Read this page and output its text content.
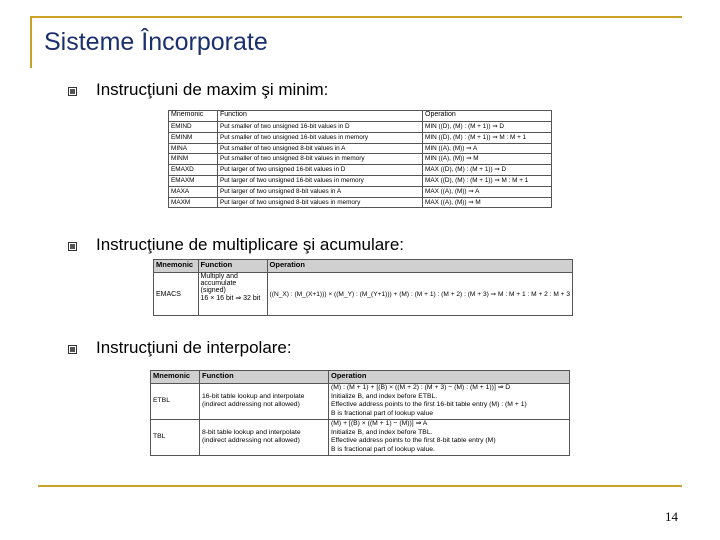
Sisteme Încorporate
Instrucţiuni de maxim şi minim:
Mnemonic	Function	Operation
EMIND	Put smaller of two unsigned 16-bit values in D	MIN ((D), (M) : (M + 1)) ⇒ D
EMINM	Put smaller of two unsigned 16-bit values in memory	MIN ((D), (M) : (M + 1)) ⇒ M : M + 1
MINA	Put smaller of two unsigned 8-bit values in A	MIN ((A), (M)) ⇒ A
MINM	Put smaller of two unsigned 8-bit values in memory	MIN ((A), (M)) ⇒ M
EMAXD	Put larger of two unsigned 16-bit values in D	MAX ((D), (M) : (M + 1)) ⇒ D
EMAXM	Put larger of two unsigned 16-bit values in memory	MAX ((D), (M) : (M + 1)) ⇒ M : M + 1
MAXA	Put larger of two unsigned 8-bit values in A	MAX ((A), (M)) ⇒ A
MAXM	Put larger of two unsigned 8-bit values in memory	MAX ((A), (M)) ⇒ M
Instrucţiune de multiplicare şi acumulare:
Mnemonic	Function	Operation
EMACS	Multiply and
accumulate
(signed)
16 × 16 bit ⇒ 32 bit	((N_X) : (M_(X+1))) × ((M_Y) : (M_(Y+1))) + (M) : (M + 1) : (M + 2) : (M + 3) ⇒ M : M + 1 : M + 2 : M + 3
Instrucţiuni de interpolare:
Mnemonic	Function	Operation
ETBL	16-bit table lookup and interpolate
(indirect addressing not allowed)	(M) : (M + 1) + [(B) × ((M + 2) : (M + 3) − (M) : (M + 1))] ⇒ D
Initialize B, and index before ETBL.
Effective address points to the first 16-bit table entry (M) : (M + 1)
B is fractional part of lookup value

TBL	8-bit table lookup and interpolate
(indirect addressing not allowed)	(M) + [(B) × ((M + 1) − (M))] ⇒ A
Initialize B, and index before TBL.
Effective address points to the first 8-bit table entry (M)
B is fractional part of lookup value.
14
